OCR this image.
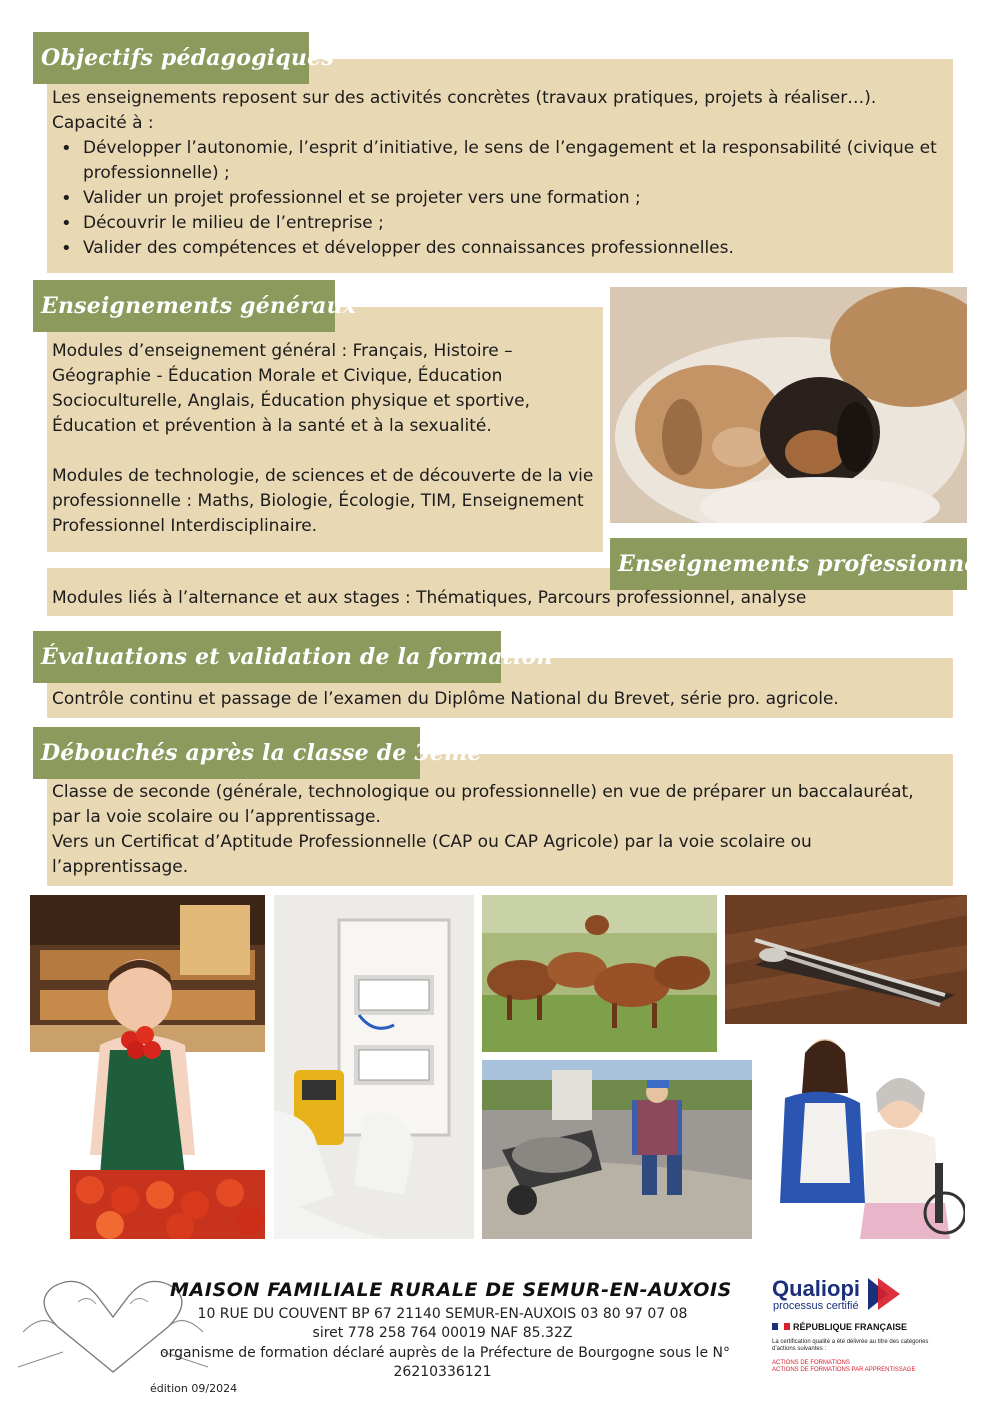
Objectifs pédagogiques
Les enseignements reposent sur des activités concrètes (travaux pratiques, projets à réaliser…).
Capacité à :
• Développer l’autonomie, l’esprit d’initiative, le sens de l’engagement et la responsabilité (civique et professionnelle) ;
• Valider un projet professionnel et se projeter vers une formation ;
• Découvrir le milieu de l’entreprise ;
• Valider des compétences et développer des connaissances professionnelles.
Enseignements généraux
Modules d’enseignement général : Français, Histoire – Géographie - Éducation Morale et Civique, Éducation Socioculturelle, Anglais, Éducation physique et sportive, Éducation et prévention à la santé et à la sexualité.
Modules de technologie, de sciences et de découverte de la vie professionnelle : Maths, Biologie, Écologie, TIM, Enseignement Professionnel Interdisciplinaire.
Enseignements professionnels
Modules liés à l’alternance et aux stages : Thématiques, Parcours professionnel, analyse
Évaluations et validation de la formation
Contrôle continu et passage de l’examen du Diplôme National du Brevet, série pro. agricole.
Débouchés après la classe de 3ème
Classe de seconde (générale, technologique ou professionnelle) en vue de préparer un baccalauréat, par la voie scolaire ou l’apprentissage.
Vers un Certificat d’Aptitude Professionnelle (CAP ou CAP Agricole) par la voie scolaire ou l’apprentissage.
MAISON FAMILIALE RURALE DE SEMUR-EN-AUXOIS
10 RUE DU COUVENT BP 67 21140 SEMUR-EN-AUXOIS 03 80 97 07 08
siret 778 258 764 00019 NAF 85.32Z
organisme de formation déclaré auprès de la Préfecture de Bourgogne sous le N°
26210336121
édition 09/2024
Qualiopi
processus certifié
RÉPUBLIQUE FRANÇAISE
La certification qualité a été délivrée au titre des catégories d’actions suivantes :
ACTIONS DE FORMATIONS
ACTIONS DE FORMATIONS PAR APPRENTISSAGE
